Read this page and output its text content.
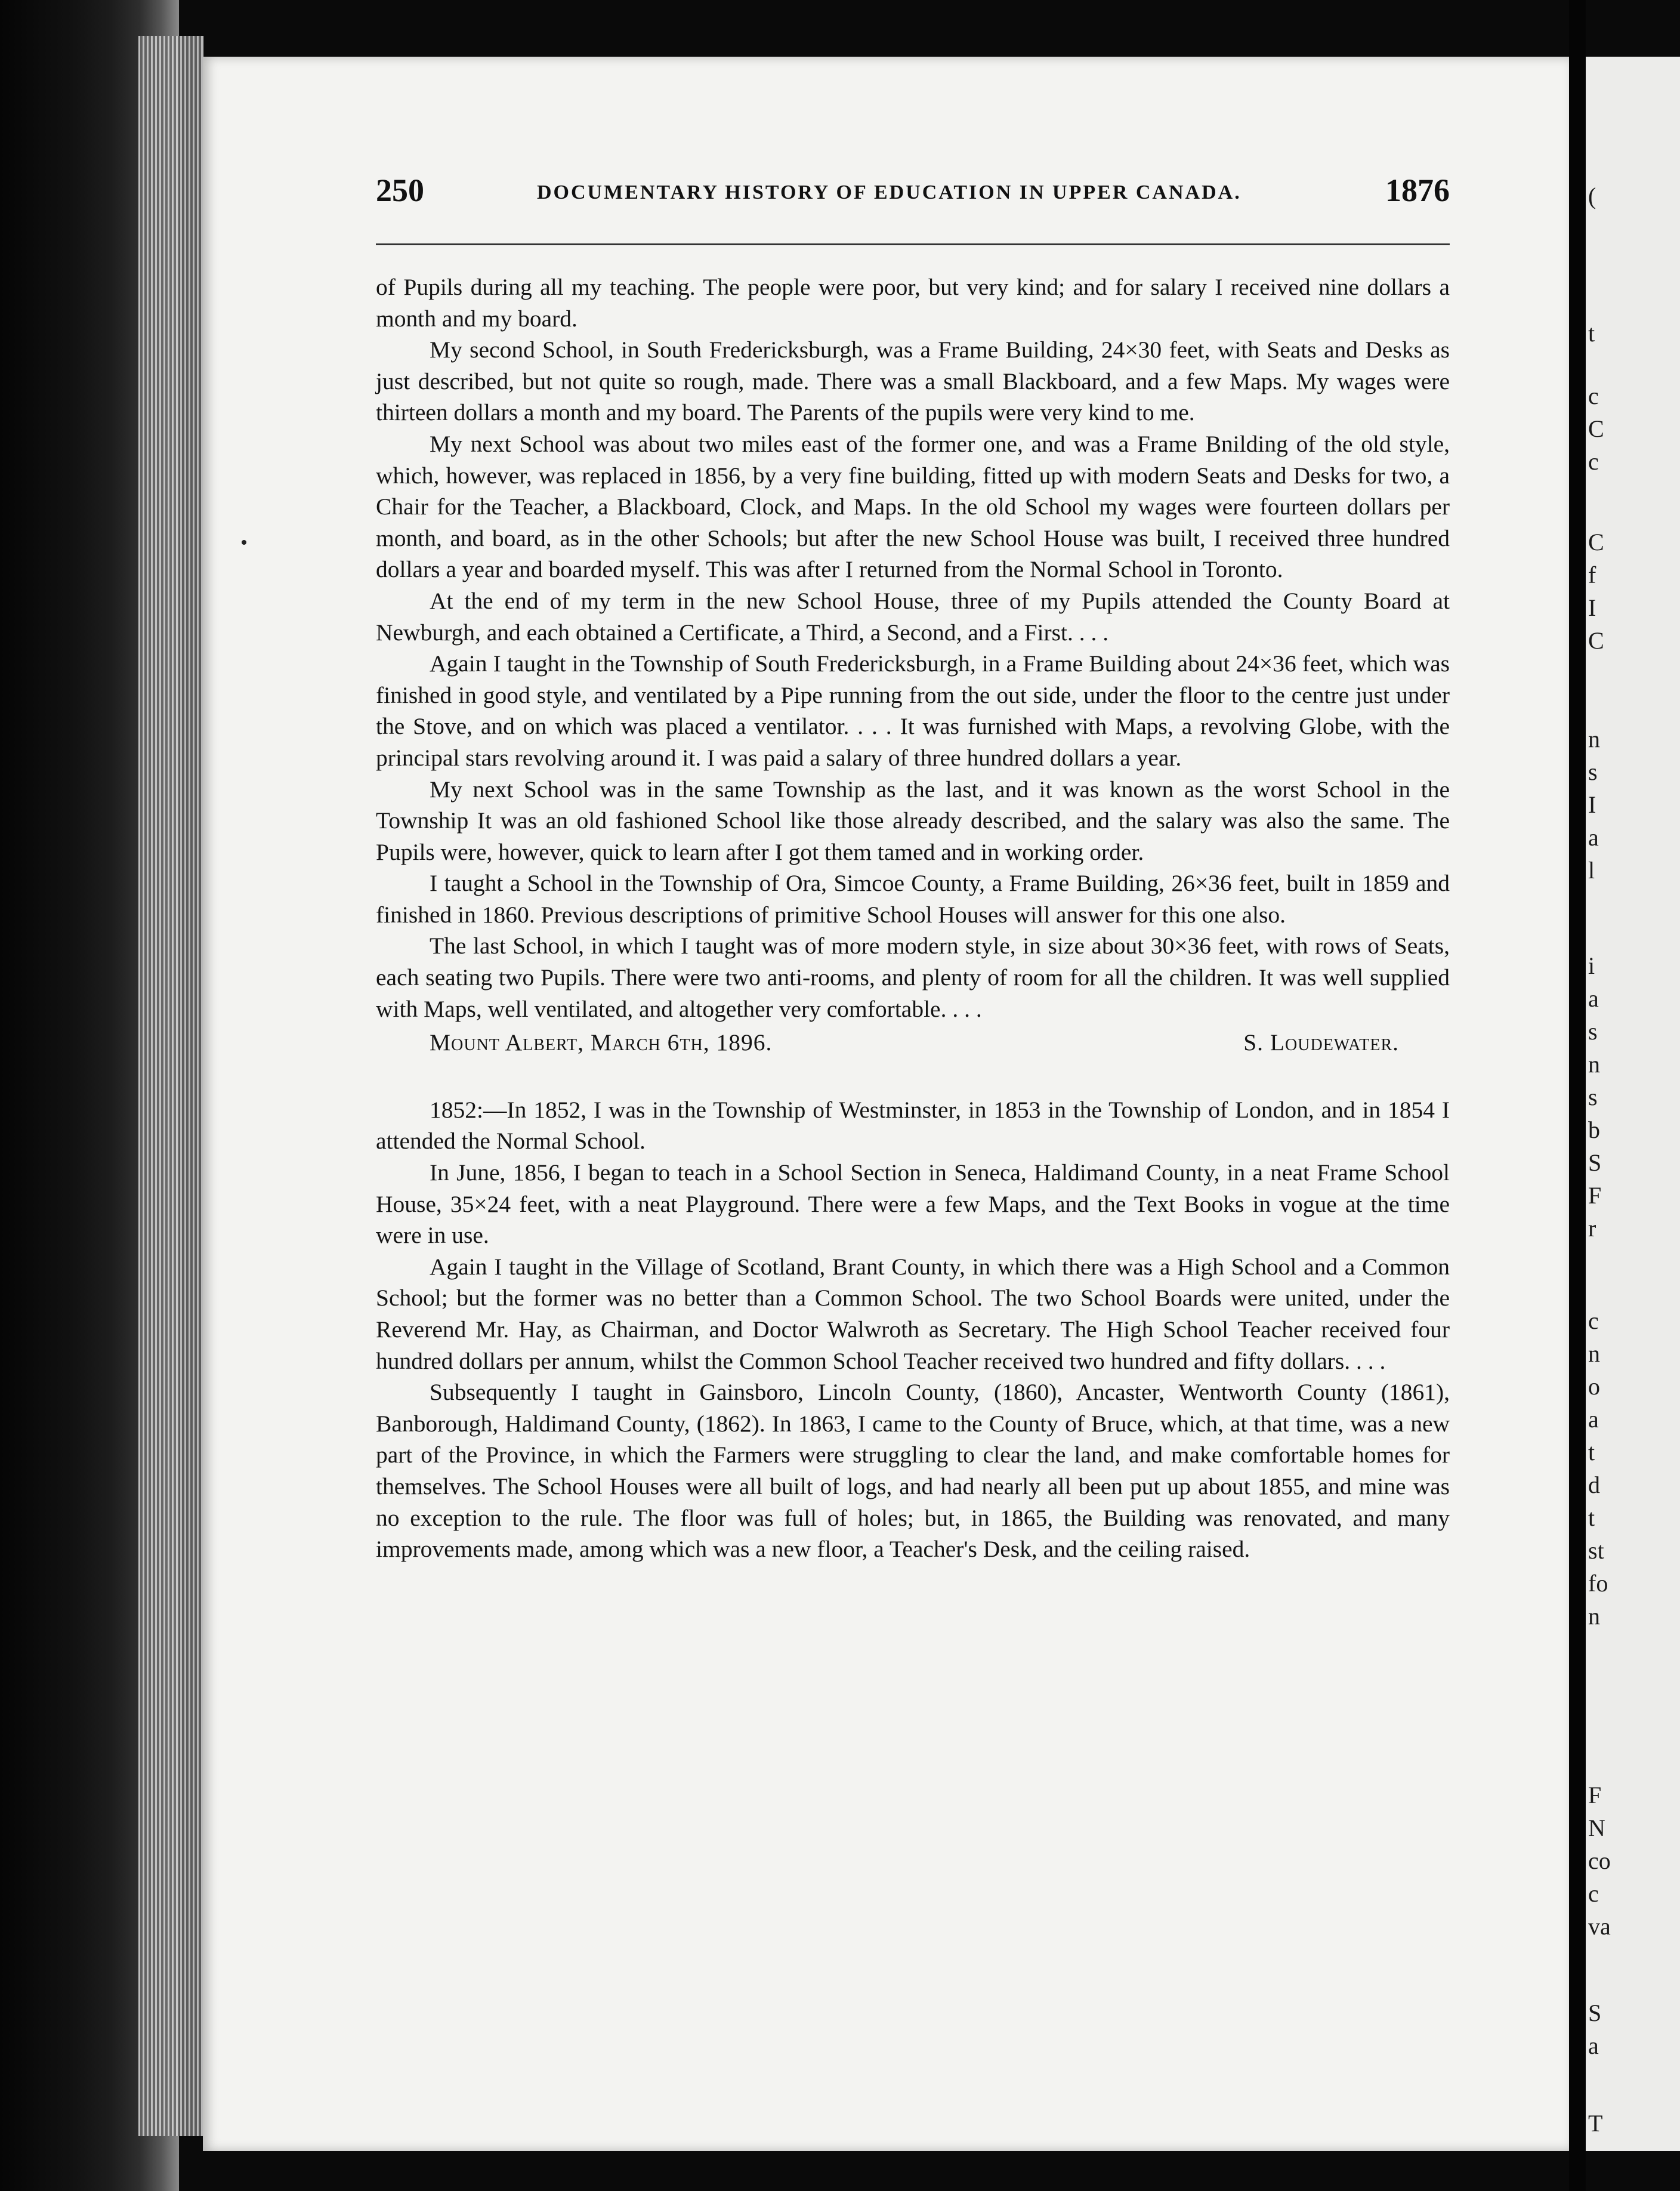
250	DOCUMENTARY HISTORY OF EDUCATION IN UPPER CANADA.	1876

of Pupils during all my teaching. The people were poor, but very kind; and for salary I received nine dollars a month and my board.

My second School, in South Fredericksburgh, was a Frame Building, 24×30 feet, with Seats and Desks as just described, but not quite so rough, made. There was a small Blackboard, and a few Maps. My wages were thirteen dollars a month and my board. The Parents of the pupils were very kind to me.

My next School was about two miles east of the former one, and was a Frame Bnilding of the old style, which, however, was replaced in 1856, by a very fine building, fitted up with modern Seats and Desks for two, a Chair for the Teacher, a Blackboard, Clock, and Maps. In the old School my wages were fourteen dollars per month, and board, as in the other Schools; but after the new School House was built, I received three hundred dollars a year and boarded myself. This was after I returned from the Normal School in Toronto.

At the end of my term in the new School House, three of my Pupils attended the County Board at Newburgh, and each obtained a Certificate, a Third, a Second, and a First. . . .

Again I taught in the Township of South Fredericksburgh, in a Frame Building about 24×36 feet, which was finished in good style, and ventilated by a Pipe running from the out side, under the floor to the centre just under the Stove, and on which was placed a ventilator. . . . It was furnished with Maps, a revolving Globe, with the principal stars revolving around it. I was paid a salary of three hundred dollars a year.

My next School was in the same Township as the last, and it was known as the worst School in the Township It was an old fashioned School like those already described, and the salary was also the same. The Pupils were, however, quick to learn after I got them tamed and in working order.

I taught a School in the Township of Ora, Simcoe County, a Frame Building, 26×36 feet, built in 1859 and finished in 1860. Previous descriptions of primitive School Houses will answer for this one also.

The last School, in which I taught was of more modern style, in size about 30×36 feet, with rows of Seats, each seating two Pupils. There were two anti-rooms, and plenty of room for all the children. It was well supplied with Maps, well ventilated, and altogether very comfortable. . . .

Mount Albert, March 6th, 1896.	S. Loudewater.

1852:—In 1852, I was in the Township of Westminster, in 1853 in the Township of London, and in 1854 I attended the Normal School.

In June, 1856, I began to teach in a School Section in Seneca, Haldimand County, in a neat Frame School House, 35×24 feet, with a neat Playground. There were a few Maps, and the Text Books in vogue at the time were in use.

Again I taught in the Village of Scotland, Brant County, in which there was a High School and a Common School; but the former was no better than a Common School. The two School Boards were united, under the Reverend Mr. Hay, as Chairman, and Doctor Walwroth as Secretary. The High School Teacher received four hundred dollars per annum, whilst the Common School Teacher received two hundred and fifty dollars. . . .

Subsequently I taught in Gainsboro, Lincoln County, (1860), Ancaster, Wentworth County (1861), Banborough, Haldimand County, (1862). In 1863, I came to the County of Bruce, which, at that time, was a new part of the Province, in which the Farmers were struggling to clear the land, and make comfortable homes for themselves. The School Houses were all built of logs, and had nearly all been put up about 1855, and mine was no exception to the rule. The floor was full of holes; but, in 1865, the Building was renovated, and many improvements made, among which was a new floor, a Teacher's Desk, and the ceiling raised.

(
t
c
C
c
C
f
I
C
n
s
I
a
l
i
a
s
n
s
b
S
F
r
c
n
o
a
t
d
t
st
fo
n
F
N
co
c
va
S
a
T
